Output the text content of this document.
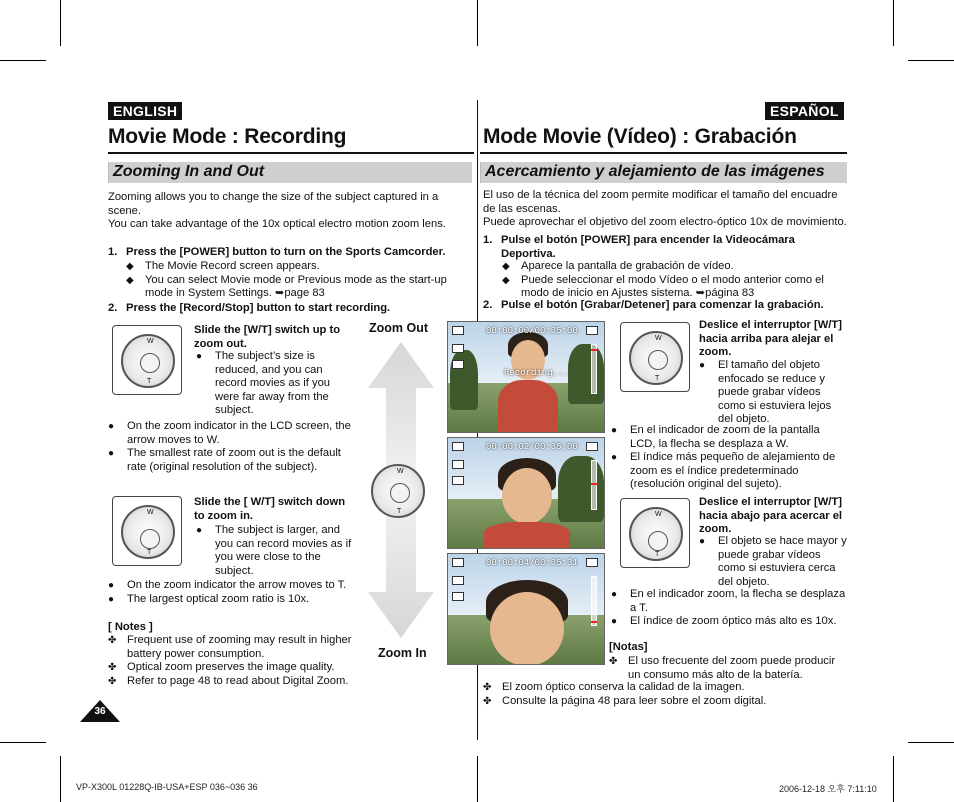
ENGLISH
Movie Mode : Recording
Zooming In and Out
Zooming allows you to change the size of the subject captured in a scene.
You can take advantage of the 10x optical electro motion zoom lens.
1. Press the [POWER] button to turn on the Sports Camcorder.
◆ The Movie Record screen appears.
◆ You can select Movie mode or Previous mode as the start-up mode in System Settings. ➥page 83
2. Press the [Record/Stop] button to start recording.
W
T
Slide the [W/T] switch up to zoom out.
● The subject’s size is reduced, and you can record movies as if you were far away from the subject.
● On the zoom indicator in the LCD screen, the arrow moves to W.
● The smallest rate of zoom out is the default rate (original resolution of the subject).
W
T
Slide the [ W/T] switch down to zoom in.
● The subject is larger, and you can record movies as if you were close to the subject.
● On the zoom indicator the arrow moves to T.
● The largest optical zoom ratio is 10x.
[ Notes ]
✤ Frequent use of zooming may result in higher battery power consumption.
✤ Optical zoom preserves the image quality.
✤ Refer to page 48 to read about Digital Zoom.
36
Zoom Out
Zoom In
W
T
00:00:00/00:35:00
Recording...
00:00:02/00:35:00
00:00:04/00:35:31
ESPAÑOL
Mode Movie (Vídeo) : Grabación
Acercamiento y alejamiento de las imágenes
El uso de la técnica del zoom permite modificar el tamaño del encuadre de las escenas.
Puede aprovechar el objetivo del zoom electro-óptico 10x de movimiento.
1. Pulse el botón [POWER] para encender la Videocámara Deportiva.
◆ Aparece la pantalla de grabación de vídeo.
◆ Puede seleccionar el modo Vídeo o el modo anterior como el modo de inicio en Ajustes sistema. ➥página 83
2. Pulse el botón [Grabar/Detener] para comenzar la grabación.
W
T
Deslice el interruptor [W/T] hacia arriba para alejar el zoom.
● El tamaño del objeto enfocado se reduce y puede grabar vídeos como si estuviera lejos del objeto.
● En el indicador de zoom de la pantalla LCD, la flecha se desplaza a W.
● El índice más pequeño de alejamiento de zoom es el índice predeterminado (resolución original del sujeto).
W
T
Deslice el interruptor [W/T] hacia abajo para acercar el zoom.
● El objeto se hace mayor y puede grabar vídeos como si estuviera cerca del objeto.
● En el indicador zoom, la flecha se desplaza a T.
● El índice de zoom óptico más alto es 10x.
[Notas]
✤ El uso frecuente del zoom puede producir un consumo más alto de la batería.
✤ El zoom óptico conserva la calidad de la imagen.
✤ Consulte la página 48 para leer sobre el zoom digital.
VP-X300L 01228Q-IB-USA+ESP 036~036 36	2006-12-18 오후 7:11:10
